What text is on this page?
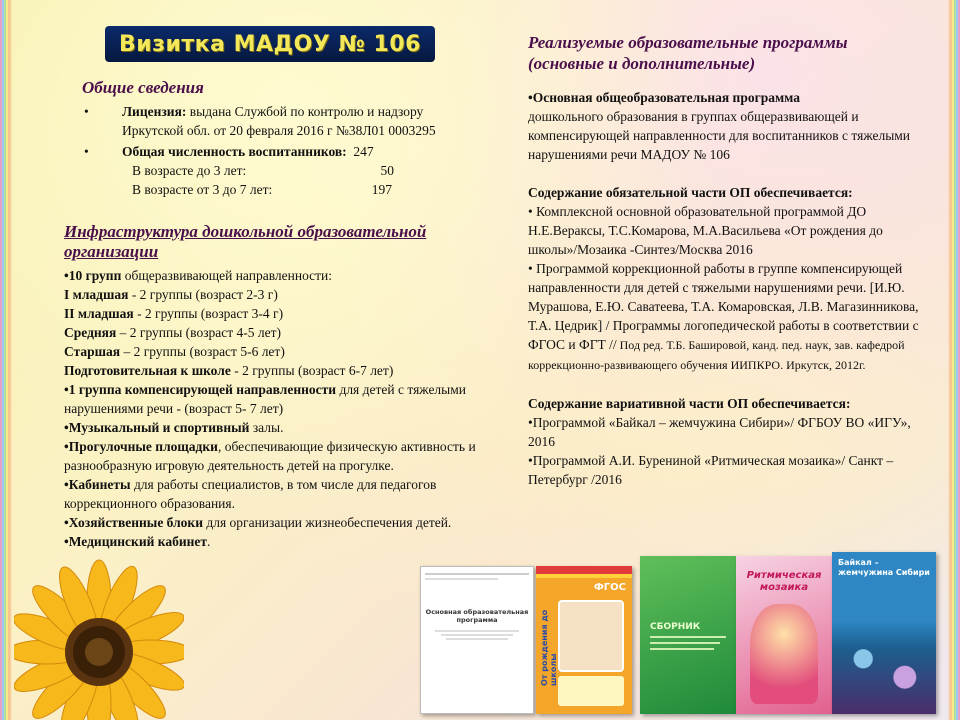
Визитка МАДОУ № 106
Общие сведения
• Лицензия: выдана Службой по контролю и надзору Иркутской обл. от 20 февраля 2016 г №38Л01 0003295
• Общая численность воспитанников: 247
В возрасте до 3 лет:	50
В возрасте от 3 до 7 лет:	197
Инфраструктура дошкольной образовательной организации

•10 групп общеразвивающей направленности:

I младшая - 2 группы (возраст 2-3 г)

II младшая - 2 группы (возраст 3-4 г)

Средняя – 2 группы (возраст 4-5 лет)

Старшая – 2 группы (возраст 5-6 лет)

Подготовительная к школе - 2 группы (возраст 6-7 лет)

•1 группа компенсирующей направленности для детей с тяжелыми нарушениями речи - (возраст 5- 7 лет)

•Музыкальный и спортивный залы.

•Прогулочные площадки, обеспечивающие физическую активность и разнообразную игровую деятельность детей на прогулке.

•Кабинеты для работы специалистов, в том числе для педагогов коррекционного образования.

•Хозяйственные блоки для организации жизнеобеспечения детей.

•Медицинский кабинет.

Реализуемые образовательные программы
(основные и дополнительные)

•Основная общеобразовательная программа
дошкольного образования в группах общеразвивающей и компенсирующей направленности для воспитанников с тяжелыми нарушениями речи МАДОУ № 106

Содержание обязательной части ОП обеспечивается:

• Комплексной основной образовательной программой ДО Н.Е.Вераксы, Т.С.Комарова, М.А.Васильева «От рождения до школы»/Мозаика -Синтез/Москва 2016

• Программой коррекционной работы в группе компенсирующей направленности для детей с тяжелыми нарушениями речи. [И.Ю. Мурашова, Е.Ю. Саватеева, Т.А. Комаровская, Л.В. Магазинникова, Т.А. Цедрик] / Программы логопедической работы в соответствии с ФГОС и ФГТ // Под ред. Т.Б. Башировой, канд. пед. наук, зав. кафедрой коррекционно-развивающего обучения ИИПКРО. Иркутск, 2012г.

Содержание вариативной части ОП обеспечивается:

•Программой «Байкал – жемчужина Сибири»/ ФГБОУ ВО «ИГУ», 2016

•Программой А.И. Бурениной «Ритмическая мозаика»/ Санкт – Петербург /2016

Основная образовательная программа
ФГОС
От рождения до школы
СБОРНИК
Ритмическая мозаика
Байкал – жемчужина Сибири
